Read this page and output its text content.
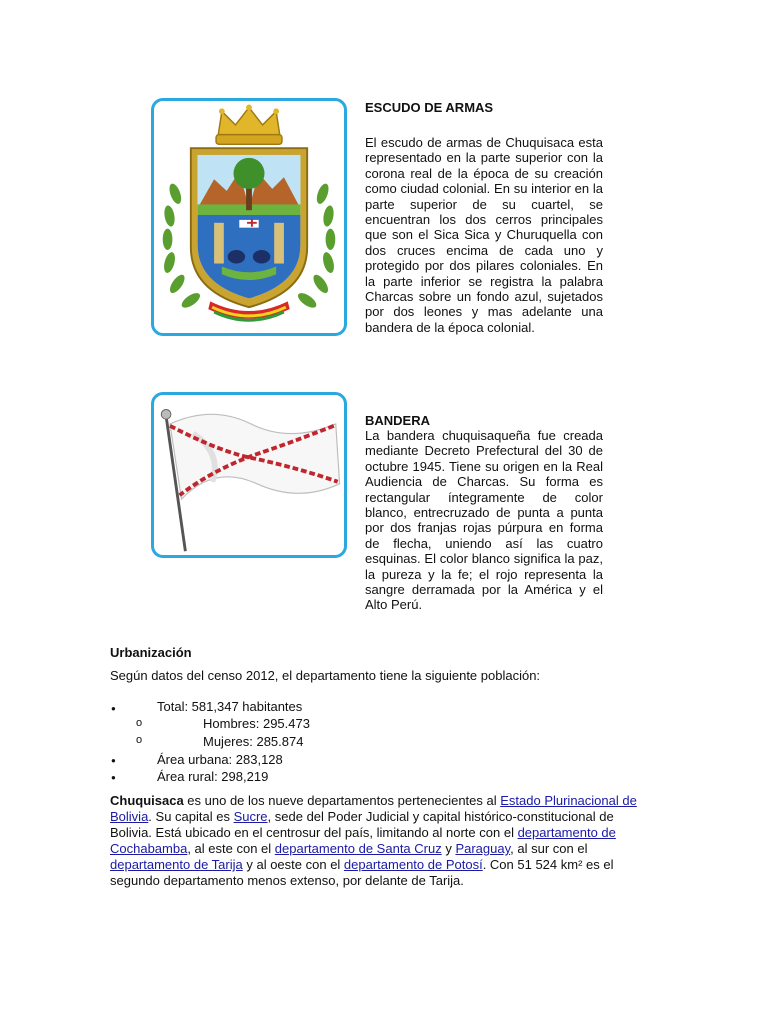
ESCUDO DE ARMAS

El escudo de armas de Chuquisaca esta representado en la parte superior con la corona real de la época de su creación como ciudad colonial. En su interior en la parte superior de su cuartel, se encuentran los dos cerros principales que son el Sica Sica y Churuquella con dos cruces encima de cada uno y protegido por dos pilares coloniales. En la parte inferior se registra la palabra Charcas sobre un fondo azul, sujetados por dos leones y mas adelante una bandera de la época colonial.

BANDERA

La bandera chuquisaqueña fue creada mediante Decreto Prefectural del 30 de octubre 1945. Tiene su origen en la Real Audiencia de Charcas. Su forma es rectangular íntegramente de color blanco, entrecruzado de punta a punta por dos franjas rojas púrpura en forma de flecha, uniendo así las cuatro esquinas. El color blanco significa la paz, la pureza y la fe; el rojo representa la sangre derramada por la América y el Alto Perú.

Urbanización
Según datos del censo 2012, el departamento tiene la siguiente población:
●	Total: 581,347 habitantes
o	Hombres: 295.473
o	Mujeres: 285.874
●	Área urbana: 283,128
●	Área rural: 298,219

Chuquisaca es uno de los nueve departamentos pertenecientes al Estado Plurinacional de Bolivia. Su capital es Sucre, sede del Poder Judicial y capital histórico-constitucional de Bolivia. Está ubicado en el centrosur del país, limitando al norte con el departamento de Cochabamba, al este con el departamento de Santa Cruz y Paraguay, al sur con el departamento de Tarija y al oeste con el departamento de Potosí. Con 51 524 km² es el segundo departamento menos extenso, por delante de Tarija.
